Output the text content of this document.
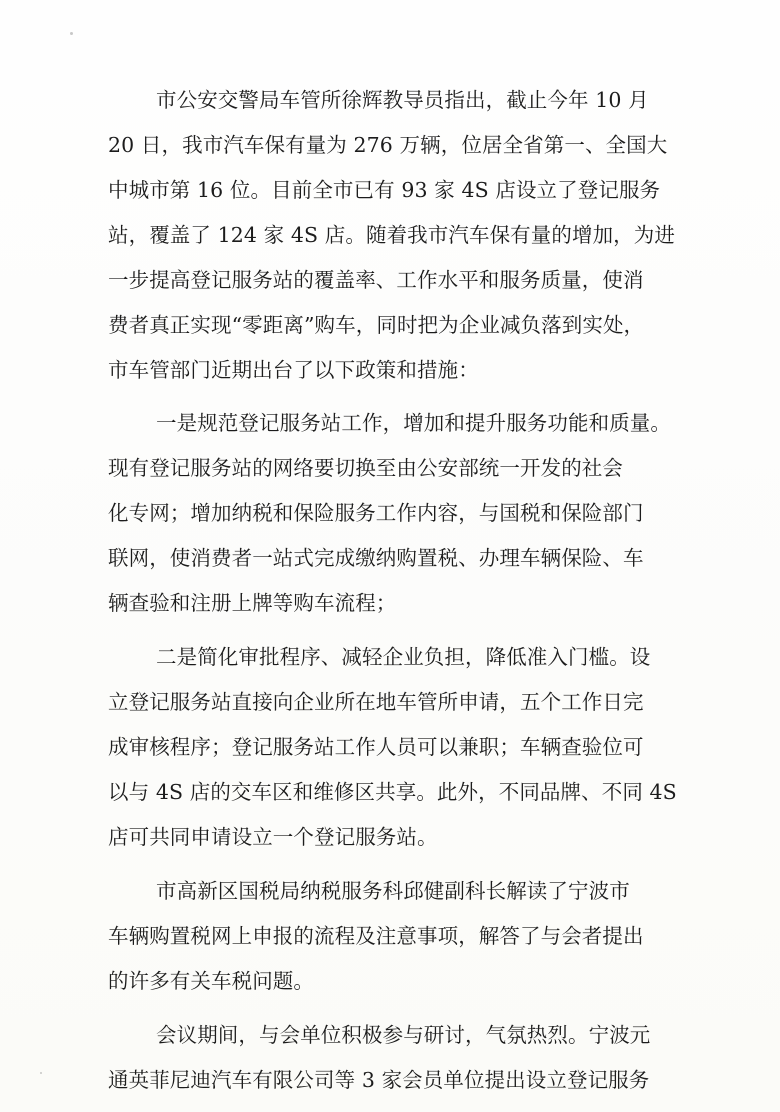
市公安交警局车管所徐辉教导员指出，截止今年 10 月
20 日，我市汽车保有量为 276 万辆，位居全省第一、全国大
中城市第 16 位。目前全市已有 93 家 4S 店设立了登记服务
站，覆盖了 124 家 4S 店。随着我市汽车保有量的增加，为进
一步提高登记服务站的覆盖率、工作水平和服务质量，使消
费者真正实现“零距离”购车，同时把为企业减负落到实处，
市车管部门近期出台了以下政策和措施：

一是规范登记服务站工作，增加和提升服务功能和质量。
现有登记服务站的网络要切换至由公安部统一开发的社会
化专网；增加纳税和保险服务工作内容，与国税和保险部门
联网，使消费者一站式完成缴纳购置税、办理车辆保险、车
辆查验和注册上牌等购车流程；

二是简化审批程序、减轻企业负担，降低准入门槛。设
立登记服务站直接向企业所在地车管所申请，五个工作日完
成审核程序；登记服务站工作人员可以兼职；车辆查验位可
以与 4S 店的交车区和维修区共享。此外，不同品牌、不同 4S
店可共同申请设立一个登记服务站。

市高新区国税局纳税服务科邱健副科长解读了宁波市
车辆购置税网上申报的流程及注意事项，解答了与会者提出
的许多有关车税问题。

会议期间，与会单位积极参与研讨，气氛热烈。宁波元
通英菲尼迪汽车有限公司等 3 家会员单位提出设立登记服务
